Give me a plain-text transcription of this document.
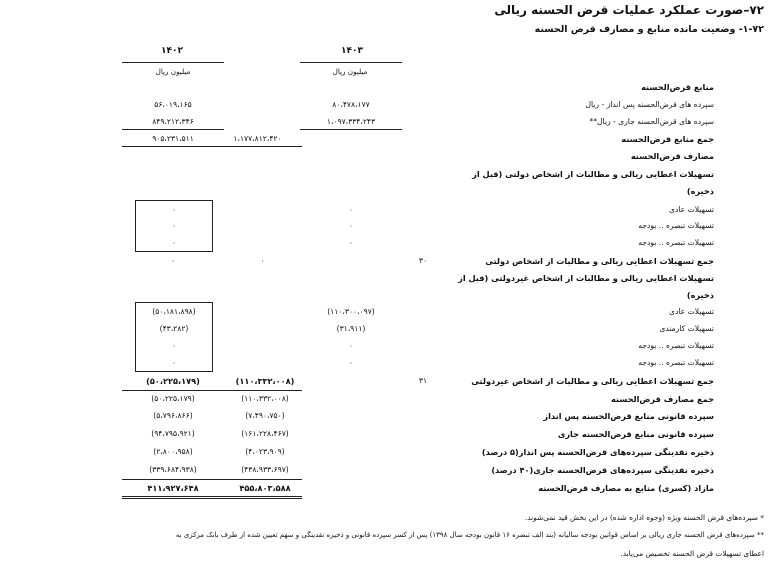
۷۲–صورت عملکرد عملیات قرض الحسنه ریالی
۱-۷۲- وضعیت مانده منابع و مصارف قرض الحسنه
۱۴۰۳
۱۴۰۲
میلیون ریال
میلیون ریال
منابع قرض‌الحسنه
سپرده های قرض‌الحسنه پس انداز - ریال
۸۰،۴۷۸،۱۷۷
۵۶،۰۱۹،۱۶۵
سپرده های قرض‌الحسنه جاری - ریال**
۱،۰۹۷،۳۳۴،۲۴۳
۸۴۹،۲۱۲،۳۴۶
جمع منابع قرض‌الحسنه
۱،۱۷۷،۸۱۲،۴۲۰
۹۰۵،۲۳۱،۵۱۱
مصارف قرض‌الحسنه
تسهیلات اعطایی ریالی و مطالبات از اشخاص دولتی (قبل از
ذخیره)
تسهیلات عادی
۰
۰
تسهیلات تبصره .. بودجه
۰
۰
تسهیلات تبصره .. بودجه
۰
۰
جمع تسهیلات اعطایی ریالی و مطالبات از اشخاص دولتی
۳۰
۰
۰
تسهیلات اعطایی ریالی و مطالبات از اشخاص غیردولتی (قبل از
ذخیره)
تسهیلات عادی
(۱۱۰،۳۰۰،۰۹۷)
(۵۰،۱۸۱،۸۹۸)
تسهیلات کارمندی
(۳۱،۹۱۱)
(۴۳،۲۸۲)
تسهیلات تبصره .. بودجه
۰
۰
تسهیلات تبصره .. بودجه
۰
۰
جمع تسهیلات اعطایی ریالی و مطالبات از اشخاص غیردولتی
۳۱
(۱۱۰،۳۳۲،۰۰۸)
(۵۰،۲۲۵،۱۷۹)
جمع مصارف قرض‌الحسنه
(۱۱۰،۳۳۲،۰۰۸)
(۵۰،۲۲۵،۱۷۹)
سپرده قانونی منابع قرض‌الحسنه پس انداز
(۷،۴۹۰،۷۵۰)
(۵،۷۹۶،۸۶۶)
سپرده قانونی منابع قرض‌الحسنه جاری
(۱۶۱،۲۲۸،۴۶۷)
(۹۴،۷۹۵،۹۲۱)
ذخیره نقدینگی سپرده‌های قرض‌الحسنه پس انداز(۵ درصد)
(۴،۰۲۳،۹۰۹)
(۲،۸۰۰،۹۵۸)
ذخیره نقدینگی سپرده‌های قرض‌الحسنه جاری(۴۰ درصد)
(۴۳۸،۹۳۳،۶۹۷)
(۳۳۹،۶۸۴،۹۳۸)
مازاد (کسری) منابع به مصارف قرض‌الحسنه
۴۵۵،۸۰۳،۵۸۸
۴۱۱،۹۲۷،۶۴۸
* سپرده‌های قرض الحسنه ویژه (وجوه اداره شده) در این بخش قید نمی‌شوند.
** سپرده‌های قرض الحسنه جاری ریالی بر اساس قوانین بودجه سالیانه (بند الف تبصره ۱۶ قانون بودجه سال ۱۳۹۸) پس از کسر سپرده قانونی و ذخیره نقدینگی و سهم تعیین شده از طرف بانک مرکزی به
اعطای تسهیلات قرض الحسنه تخصیص می‌یابد.
